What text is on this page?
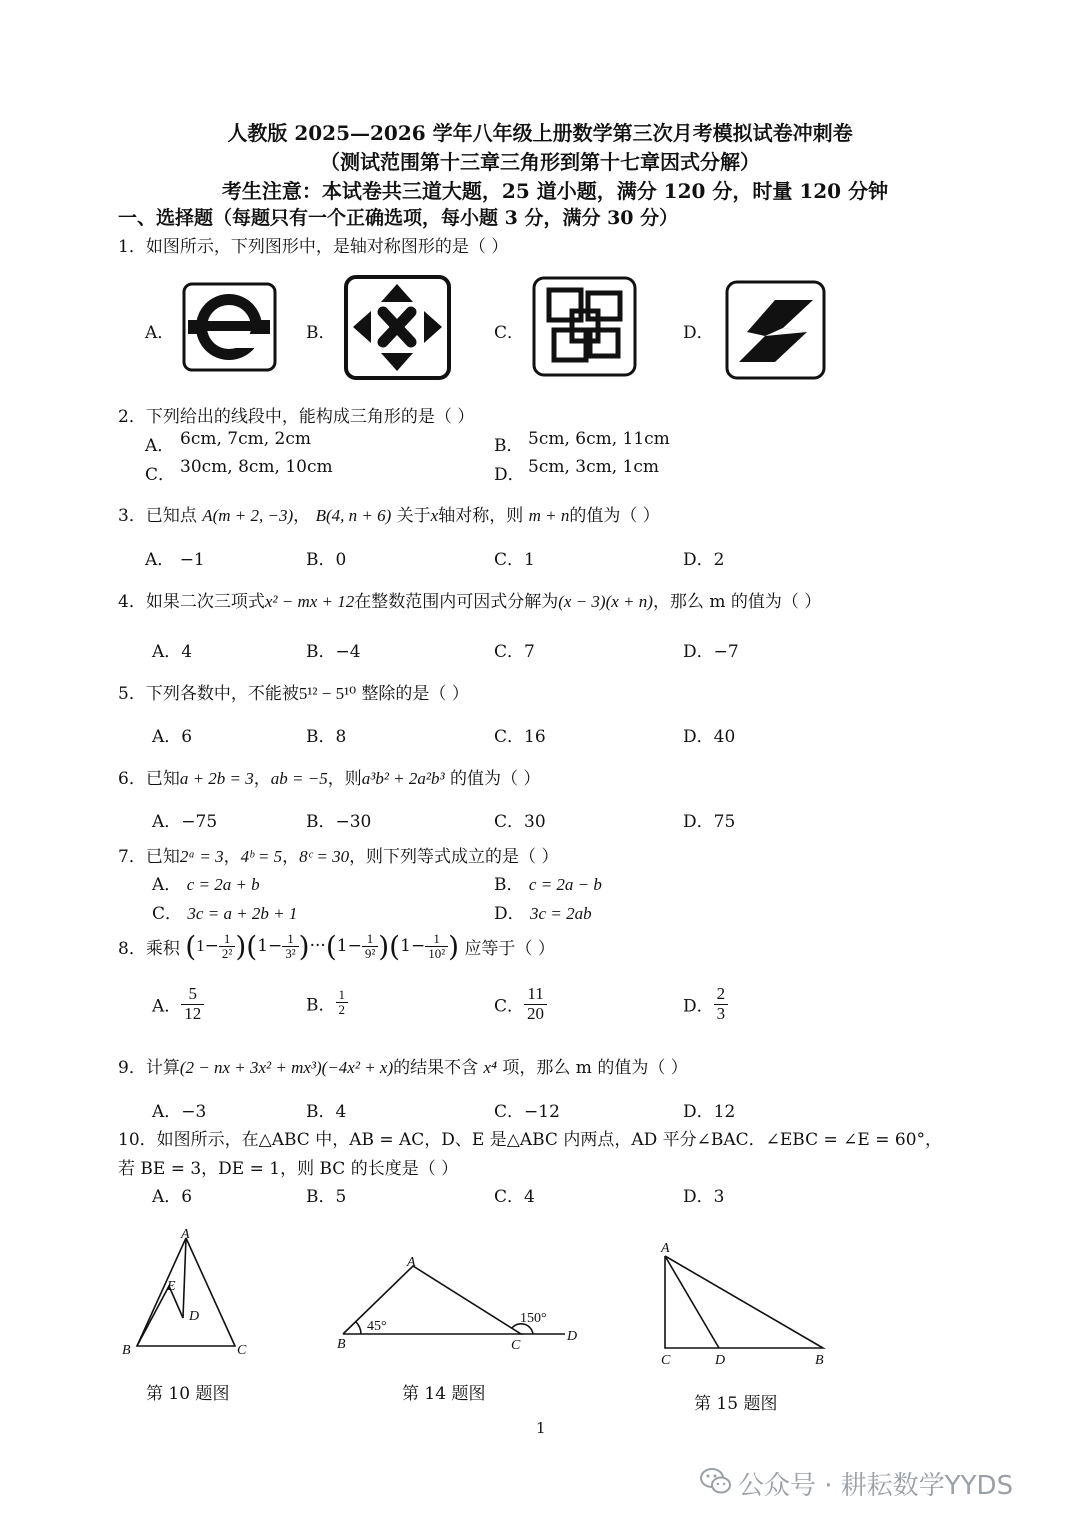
人教版 2025—2026 学年八年级上册数学第三次月考模拟试卷冲刺卷
（测试范围第十三章三角形到第十七章因式分解）
考生注意：本试卷共三道大题，25 道小题，满分 120 分，时量 120 分钟
一、选择题（每题只有一个正确选项，每小题 3 分，满分 30 分）
1．如图所示，下列图形中，是轴对称图形的是（ ）
A．	B．	C．	D．
2．下列给出的线段中，能构成三角形的是（ ）
A． 6cm, 7cm, 2cm	B． 5cm, 6cm, 11cm
C． 30cm, 8cm, 10cm	D． 5cm, 3cm, 1cm
3．已知点 A(m + 2, −3)， B(4, n + 6) 关于x轴对称，则 m + n的值为（ ）
A． −1	B．0	C．1	D．2
4．如果二次三项式x² − mx + 12在整数范围内可因式分解为(x − 3)(x + n)，那么 m 的值为（ ）
A．4	B．−4	C．7	D．−7
5．下列各数中，不能被5¹² − 5¹⁰ 整除的是（ ）
A．6	B．8	C．16	D．40
6．已知a + 2b = 3，ab = −5，则a³b² + 2a²b³ 的值为（ ）
A．−75	B．−30	C．30	D．75
7．已知2ᵃ = 3，4ᵇ = 5，8ᶜ = 30，则下列等式成立的是（ ）
A． c = 2a + b	B． c = 2a − b
C． 3c = a + 2b + 1	D． 3c = 2ab
8．乘积 $(1- \frac{1}{\text{2²}} )(1- \frac{1}{\text{3²}} )\cdot\cdot\cdot(1- \frac{1}{\text{9²}} )(1- \frac{1}{\text{10²}}$ ) 应等于（ ）
A． $\frac{5}{12}$	B． $\frac{1}{2}$	C． $\frac{11}{20}$	D． $\frac{2}{3}$
9．计算(2 − nx + 3x² + mx³)(−4x² + x)的结果不含 x⁴ 项，那么 m 的值为（ ）
A．−3	B．4	C．−12	D．12
10．如图所示，在△ABC 中，AB = AC，D、E 是△ABC 内两点，AD 平分∠BAC．∠EBC = ∠E = 60°，
若 BE = 3，DE = 1，则 BC 的长度是（ ）
A．6	B．5	C．4	D．3
A
B	C
D
E
第 10 题图
A
B	C
D
45°
150°
第 14 题图
A
C	D	B
第 15 题图
1
公众号 · 耕耘数学YYDS
